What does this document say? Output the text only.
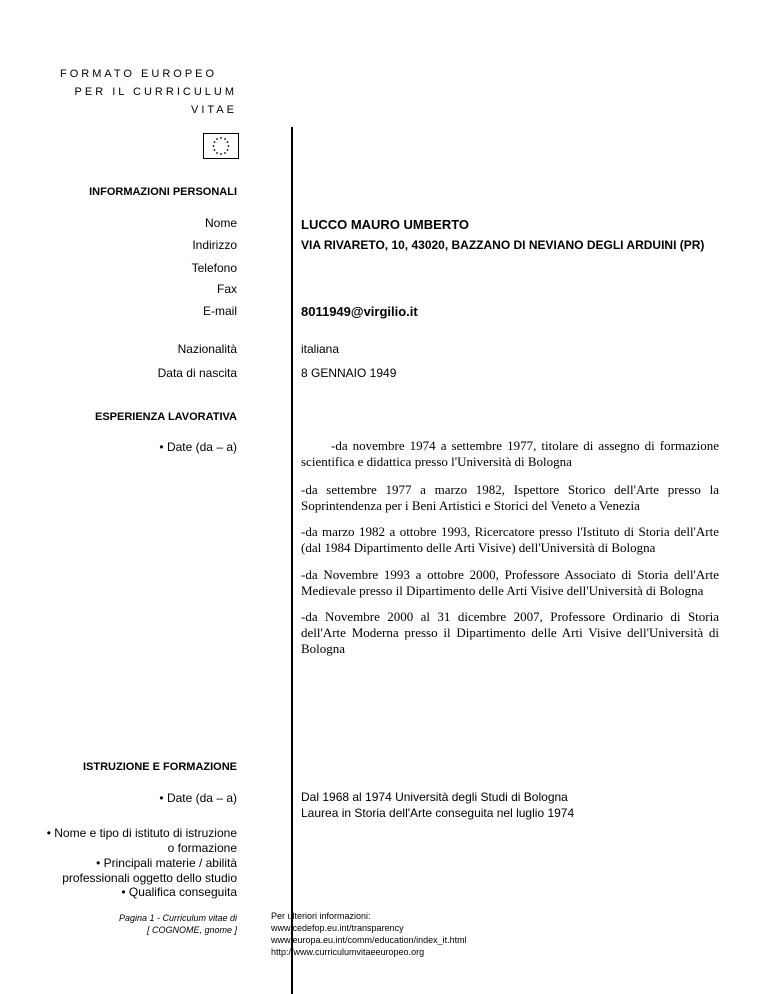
FORMATO EUROPEO
PER IL CURRICULUM
VITAE
INFORMAZIONI PERSONALI
Nome	LUCCO MAURO UMBERTO
Indirizzo	VIA RIVARETO, 10, 43020, BAZZANO DI NEVIANO DEGLI ARDUINI (PR)
Telefono
Fax
E-mail	8011949@virgilio.it
Nazionalità	italiana
Data di nascita	8 GENNAIO 1949
ESPERIENZA LAVORATIVA
• Date (da – a)	-da novembre 1974 a settembre 1977, titolare di assegno di formazione scientifica e didattica presso l'Università di Bologna
-da settembre 1977 a marzo 1982, Ispettore Storico dell'Arte presso la Soprintendenza per i Beni Artistici e Storici del Veneto a Venezia
-da marzo 1982 a ottobre 1993, Ricercatore presso l'Istituto di Storia dell'Arte (dal 1984 Dipartimento delle Arti Visive) dell'Università di Bologna
-da Novembre 1993 a ottobre 2000, Professore Associato di Storia dell'Arte Medievale presso il Dipartimento delle Arti Visive dell'Università di Bologna
-da Novembre 2000 al 31 dicembre 2007, Professore Ordinario di Storia dell'Arte Moderna presso il Dipartimento delle Arti Visive dell'Università di Bologna
ISTRUZIONE E FORMAZIONE
• Date (da – a)	Dal 1968 al 1974 Università degli Studi di Bologna
Laurea in Storia dell'Arte conseguita nel luglio 1974
• Nome e tipo di istituto di istruzione o formazione
• Principali materie / abilità professionali oggetto dello studio
• Qualifica conseguita
Pagina 1 - Curriculum vitae di
[ COGNOME, gnome ]
Per ulteriori informazioni:
www.cedefop.eu.int/transparency
www.europa.eu.int/comm/education/index_it.html
http://www.curriculumvitaeeuropeo.org
